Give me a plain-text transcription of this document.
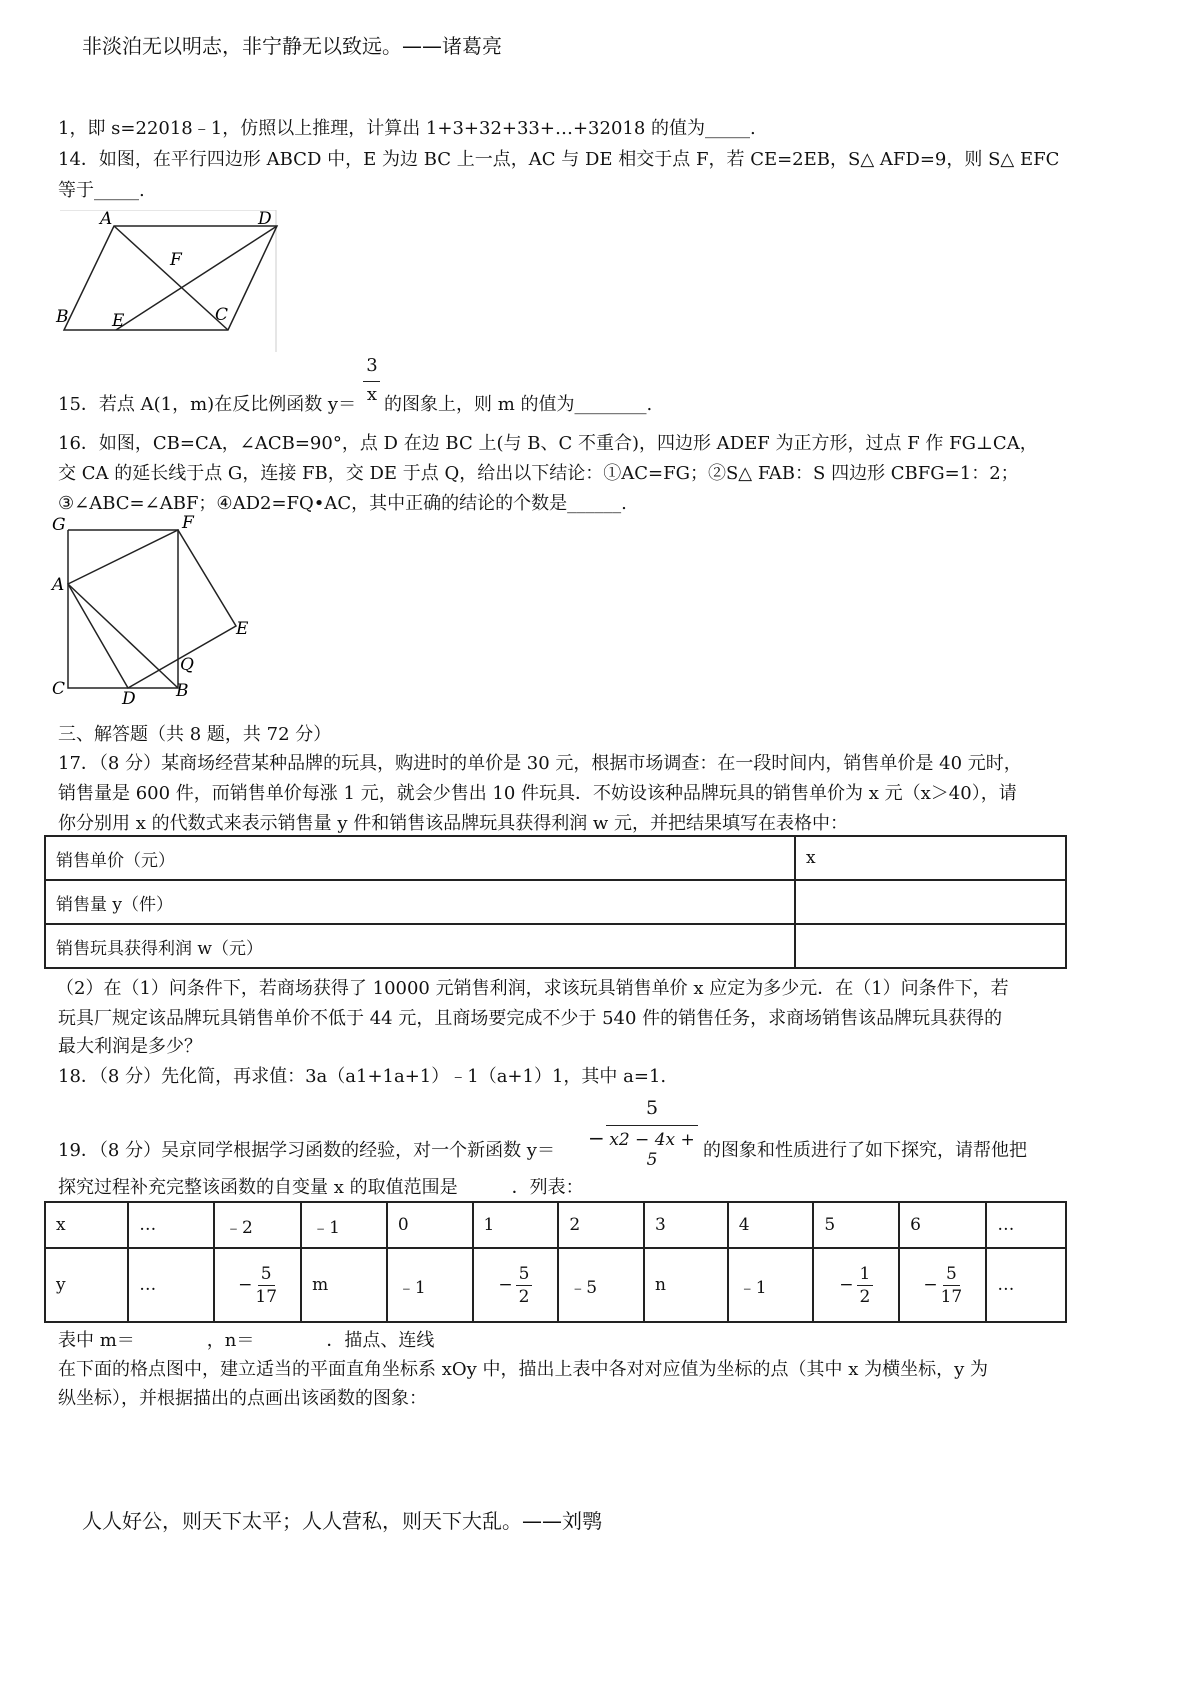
非淡泊无以明志，非宁静无以致远。——诸葛亮
1，即 s=22018﹣1，仿照以上推理，计算出 1+3+32+33+…+32018 的值为_____.
14．如图，在平行四边形 ABCD 中，E 为边 BC 上一点，AC 与 DE 相交于点 F，若 CE=2EB，S△ AFD=9，则 S△ EFC
等于_____.
A	D
F
B	E	C
15．若点 A(1，m)在反比例函数 y＝
3
x 的图象上，则 m 的值为________.
16．如图，CB=CA，∠ACB=90°，点 D 在边 BC 上(与 B、C 不重合)，四边形 ADEF 为正方形，过点 F 作 FG⊥CA，
交 CA 的延长线于点 G，连接 FB，交 DE 于点 Q，给出以下结论：①AC=FG；②S△ FAB：S 四边形 CBFG=1：2；
③∠ABC=∠ABF；④AD2=FQ•AC，其中正确的结论的个数是______.
G	F
A
E
Q
C	D B
三、解答题（共 8 题，共 72 分）
17．（8 分）某商场经营某种品牌的玩具，购进时的单价是 30 元，根据市场调查：在一段时间内，销售单价是 40 元时，
销售量是 600 件，而销售单价每涨 1 元，就会少售出 10 件玩具．不妨设该种品牌玩具的销售单价为 x 元（x＞40），请
你分别用 x 的代数式来表示销售量 y 件和销售该品牌玩具获得利润 w 元，并把结果填写在表格中：
销售单价（元）	x
销售量 y（件）	
销售玩具获得利润 w（元）	
（2）在（1）问条件下，若商场获得了 10000 元销售利润，求该玩具销售单价 x 应定为多少元．在（1）问条件下，若
玩具厂规定该品牌玩具销售单价不低于 44 元，且商场要完成不少于 540 件的销售任务，求商场销售该品牌玩具获得的
最大利润是多少？
18．（8 分）先化简，再求值：3a（a1+1a+1）﹣1（a+1）1，其中 a=1.
19．（8 分）吴京同学根据学习函数的经验，对一个新函数 y＝
−
5
x2 − 4x + 5	的图象和性质进行了如下探究，请帮他把
探究过程补充完整该函数的自变量 x 的取值范围是　　　．列表：
x	…	﹣2	﹣1	0	1	2	3	4	5	6	…
y	…	− $\frac{5}{17}$	m	﹣1	− $\frac{5}{2}$	﹣5	n	﹣1	− $\frac{1}{2}$	− $\frac{5}{17}$	…
表中 m＝　　　　，n＝　　　　．描点、连线
在下面的格点图中，建立适当的平面直角坐标系 xOy 中，描出上表中各对对应值为坐标的点（其中 x 为横坐标，y 为
纵坐标），并根据描出的点画出该函数的图象：
人人好公，则天下太平；人人营私，则天下大乱。——刘鹗
